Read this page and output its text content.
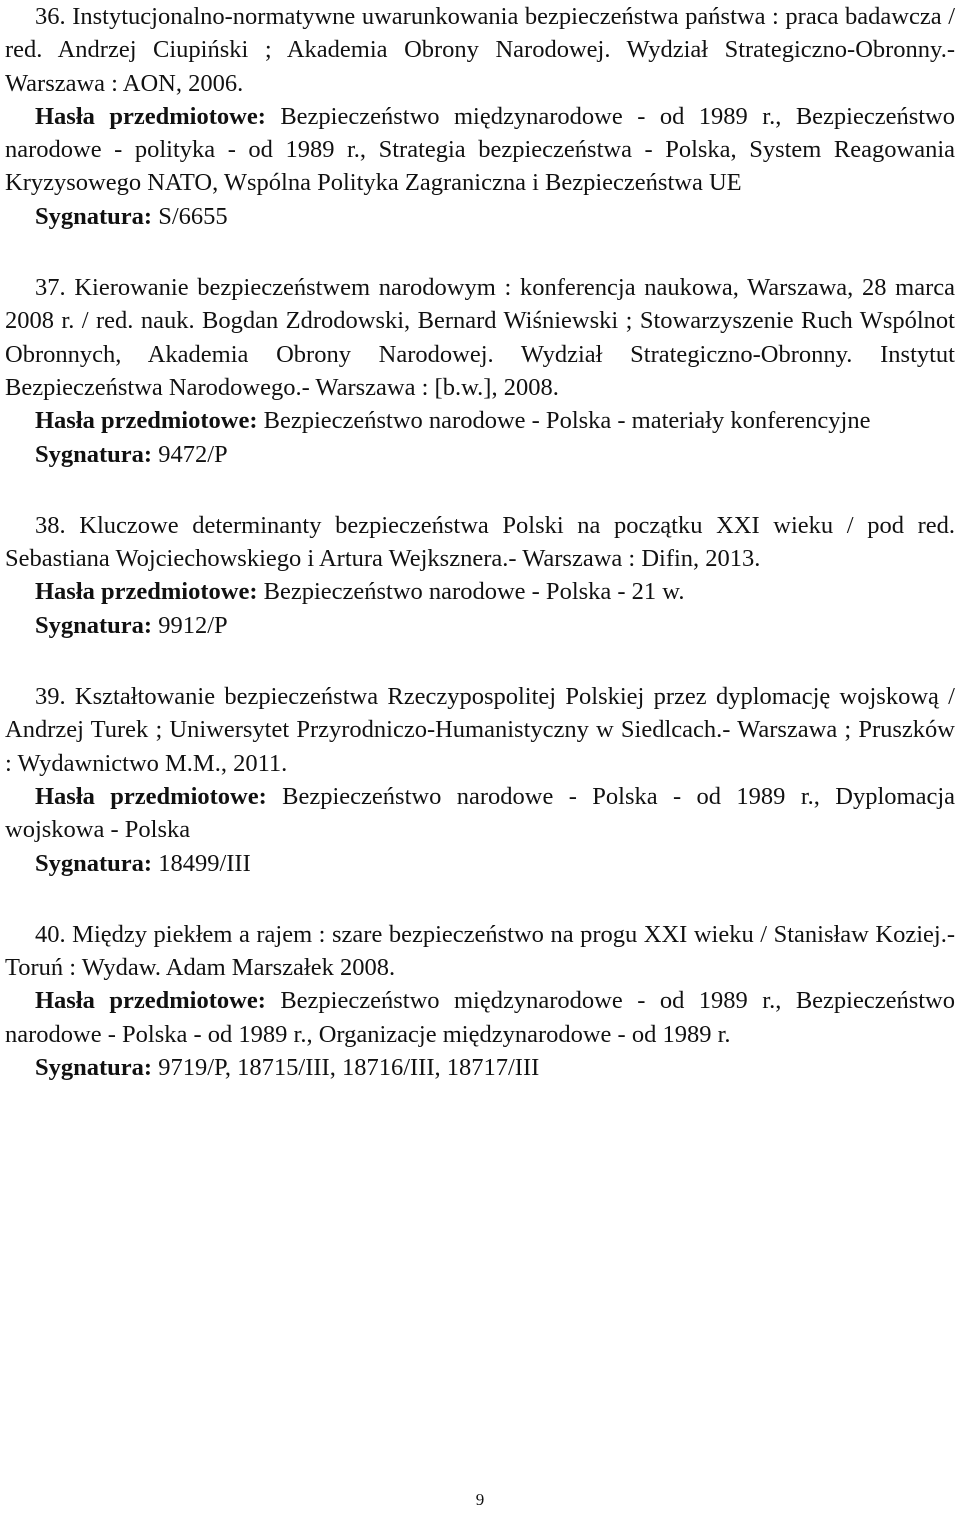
36. Instytucjonalno-normatywne uwarunkowania bezpieczeństwa państwa : praca badawcza / red. Andrzej Ciupiński ; Akademia Obrony Narodowej. Wydział Strategiczno-Obronny.- Warszawa : AON, 2006.

Hasła przedmiotowe: Bezpieczeństwo międzynarodowe - od 1989 r., Bezpieczeństwo narodowe - polityka - od 1989 r., Strategia bezpieczeństwa - Polska, System Reagowania Kryzysowego NATO, Wspólna Polityka Zagraniczna i Bezpieczeństwa UE

Sygnatura: S/6655

37. Kierowanie bezpieczeństwem narodowym : konferencja naukowa, Warszawa, 28 marca 2008 r. / red. nauk. Bogdan Zdrodowski, Bernard Wiśniewski ; Stowarzyszenie Ruch Wspólnot Obronnych, Akademia Obrony Narodowej. Wydział Strategiczno-Obronny. Instytut Bezpieczeństwa Narodowego.- Warszawa : [b.w.], 2008.

Hasła przedmiotowe: Bezpieczeństwo narodowe - Polska - materiały konferencyjne

Sygnatura: 9472/P

38. Kluczowe determinanty bezpieczeństwa Polski na początku XXI wieku / pod red. Sebastiana Wojciechowskiego i Artura Wejksznera.- Warszawa : Difin, 2013.

Hasła przedmiotowe: Bezpieczeństwo narodowe - Polska - 21 w.

Sygnatura: 9912/P

39. Kształtowanie bezpieczeństwa Rzeczypospolitej Polskiej przez dyplomację wojskową / Andrzej Turek ; Uniwersytet Przyrodniczo-Humanistyczny w Siedlcach.- Warszawa ; Pruszków : Wydawnictwo M.M., 2011.

Hasła przedmiotowe: Bezpieczeństwo narodowe - Polska - od 1989 r., Dyplomacja wojskowa - Polska

Sygnatura: 18499/III

40. Między piekłem a rajem : szare bezpieczeństwo na progu XXI wieku / Stanisław Koziej.- Toruń : Wydaw. Adam Marszałek 2008.

Hasła przedmiotowe: Bezpieczeństwo międzynarodowe - od 1989 r., Bezpieczeństwo narodowe - Polska - od 1989 r., Organizacje międzynarodowe - od 1989 r.

Sygnatura: 9719/P, 18715/III, 18716/III, 18717/III

9
